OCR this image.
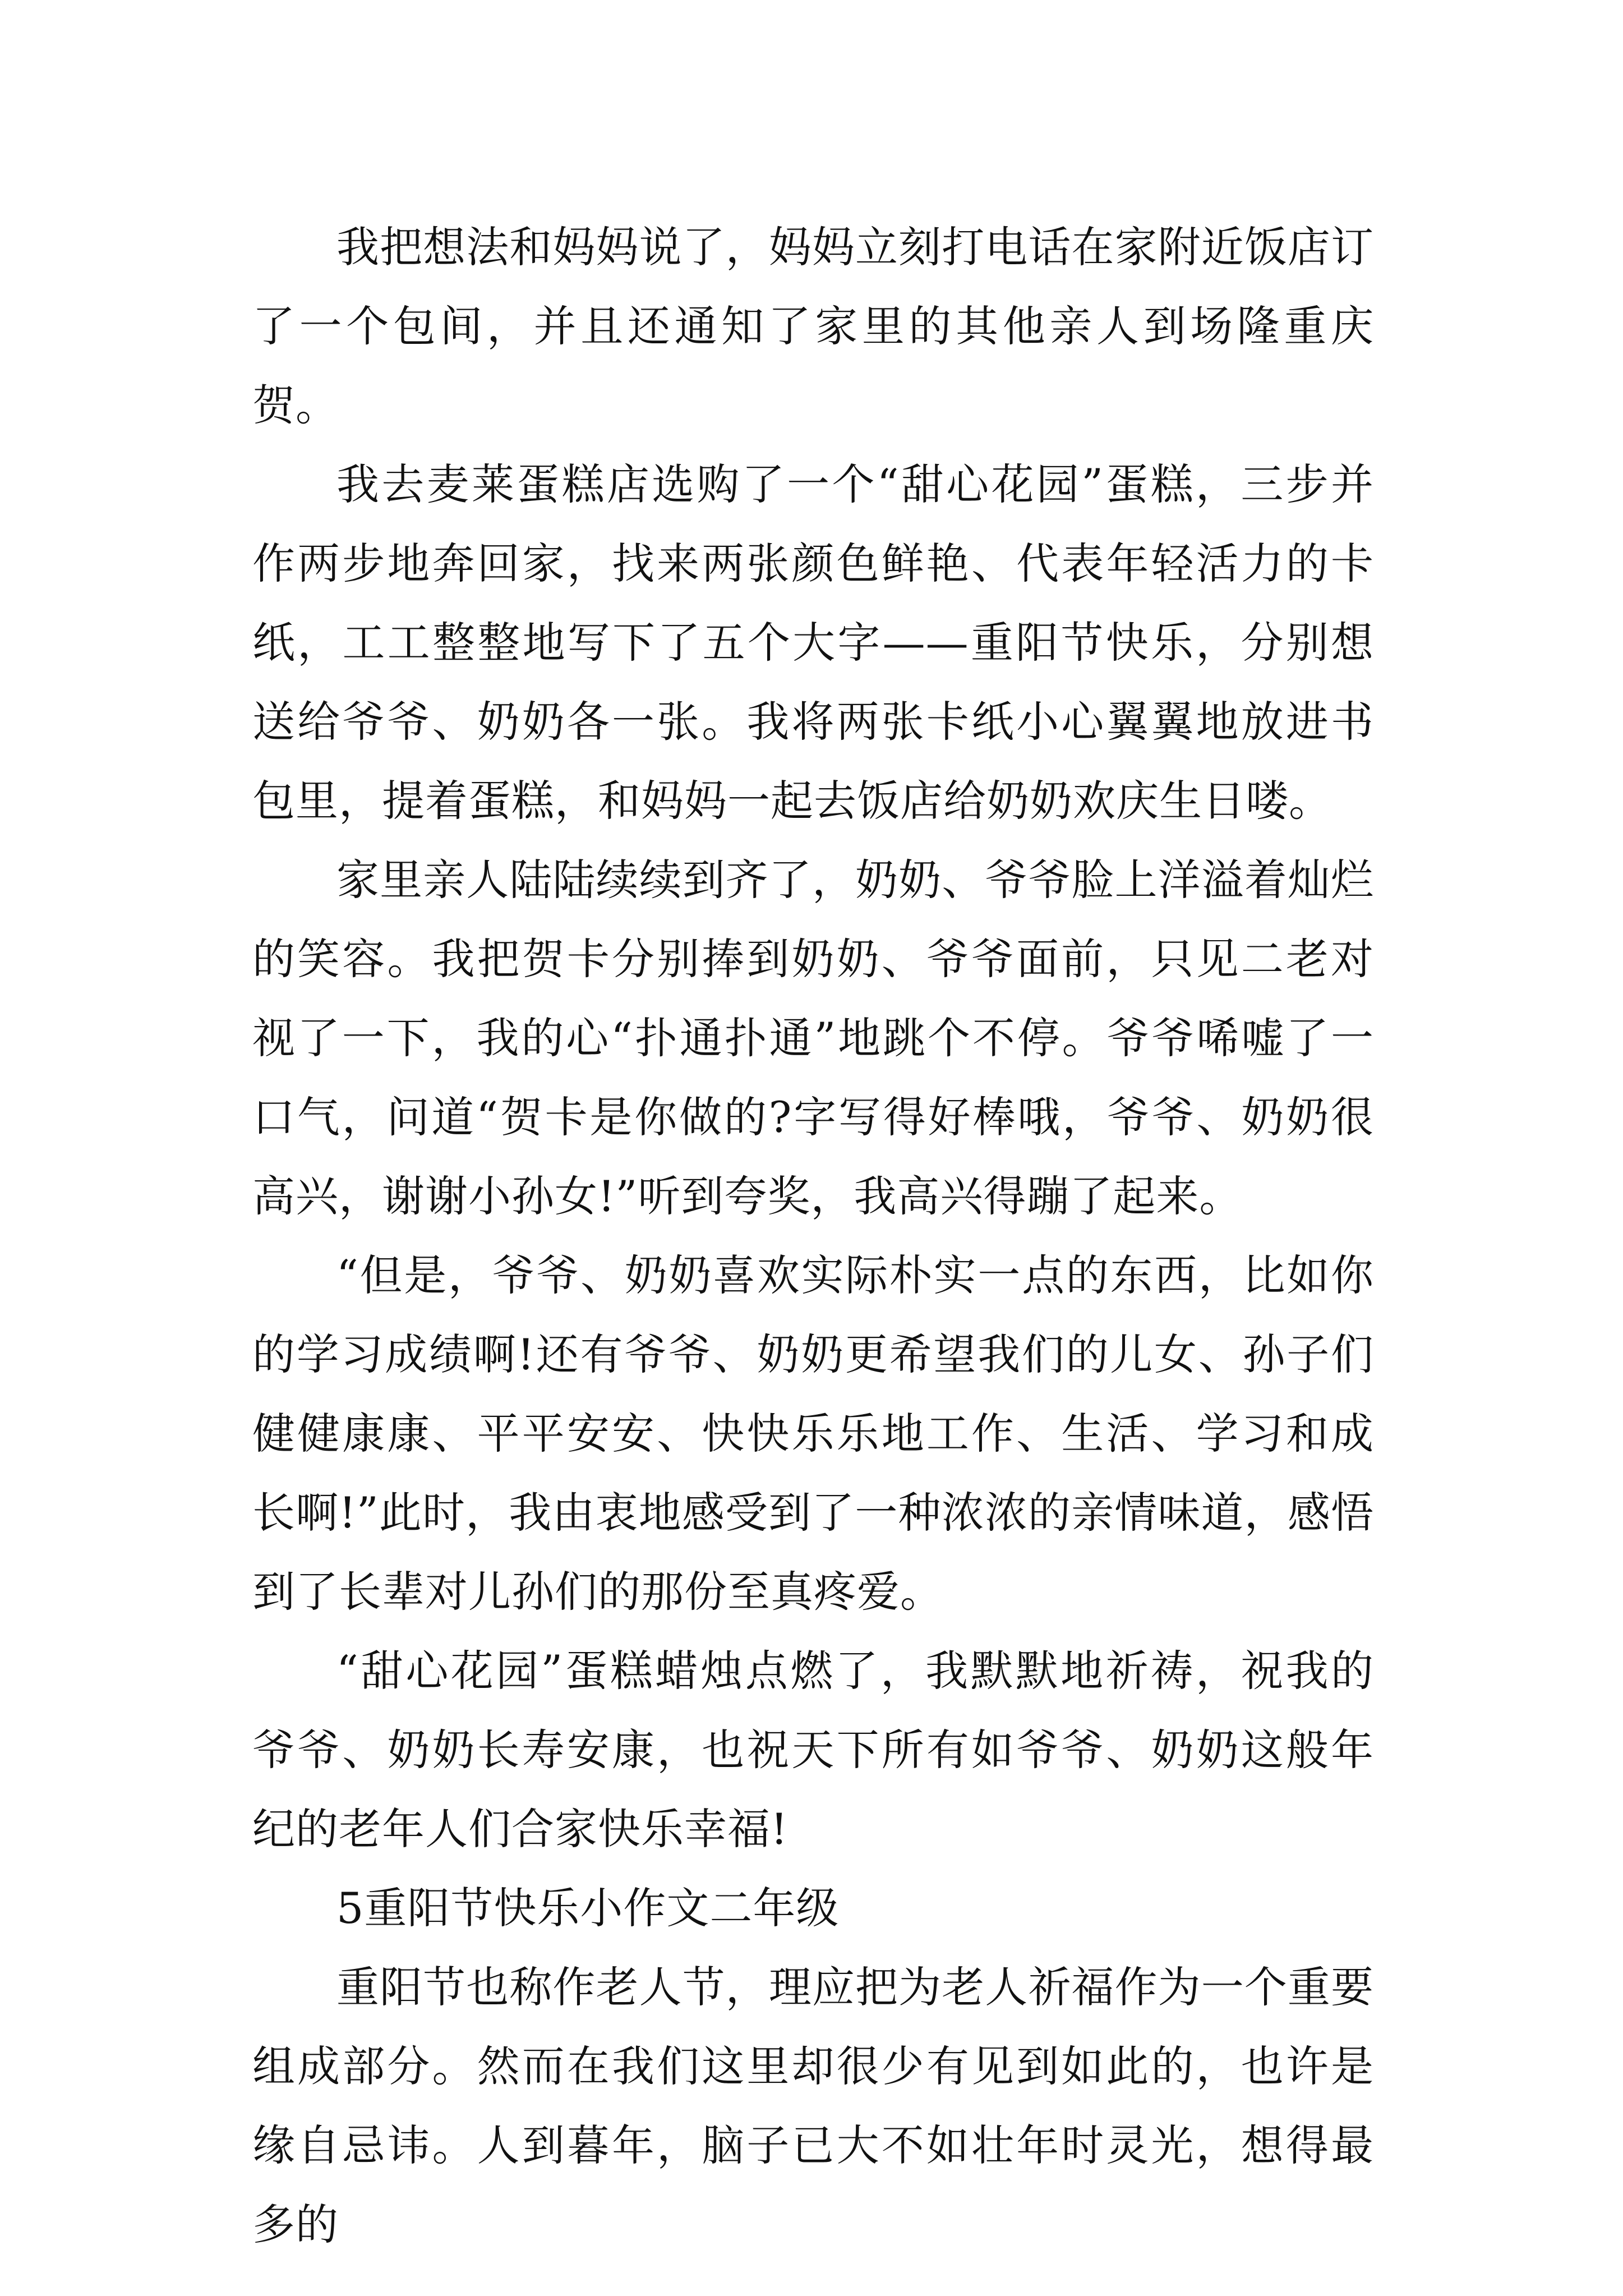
我把想法和妈妈说了，妈妈立刻打电话在家附近饭店订了一个包间，并且还通知了家里的其他亲人到场隆重庆贺。

我去麦莱蛋糕店选购了一个“甜心花园”蛋糕，三步并作两步地奔回家，找来两张颜色鲜艳、代表年轻活力的卡纸，工工整整地写下了五个大字——重阳节快乐，分别想送给爷爷、奶奶各一张。我将两张卡纸小心翼翼地放进书包里，提着蛋糕，和妈妈一起去饭店给奶奶欢庆生日喽。

家里亲人陆陆续续到齐了，奶奶、爷爷脸上洋溢着灿烂的笑容。我把贺卡分别捧到奶奶、爷爷面前，只见二老对视了一下，我的心“扑通扑通”地跳个不停。爷爷唏嘘了一口气，问道“贺卡是你做的?字写得好棒哦，爷爷、奶奶很高兴，谢谢小孙女!”听到夸奖，我高兴得蹦了起来。

“但是，爷爷、奶奶喜欢实际朴实一点的东西，比如你的学习成绩啊!还有爷爷、奶奶更希望我们的儿女、孙子们健健康康、平平安安、快快乐乐地工作、生活、学习和成长啊!”此时，我由衷地感受到了一种浓浓的亲情味道，感悟到了长辈对儿孙们的那份至真疼爱。

“甜心花园”蛋糕蜡烛点燃了，我默默地祈祷，祝我的爷爷、奶奶长寿安康，也祝天下所有如爷爷、奶奶这般年纪的老年人们合家快乐幸福!

5重阳节快乐小作文二年级

重阳节也称作老人节，理应把为老人祈福作为一个重要组成部分。然而在我们这里却很少有见到如此的，也许是缘自忌讳。人到暮年，脑子已大不如壮年时灵光，想得最多的
